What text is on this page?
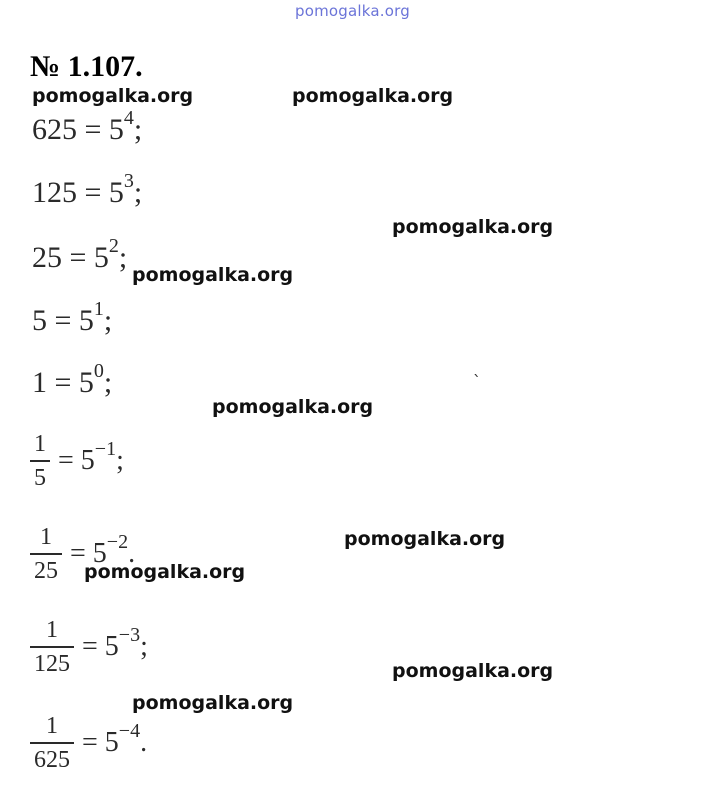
pomogalka.org
№ 1.107.
pomogalka.org	pomogalka.org
pomogalka.org
pomogalka.org
pomogalka.org
pomogalka.org
pomogalka.org
pomogalka.org
pomogalka.org
$625 = 5^4$;
$125 = 5^3$;
$25 = 5^2$;
$5 = 5^1$;
$1 = 5^0$;	`
$\frac{1}{5} = 5^{-1}$;
$\frac{1}{25} = 5^{-2}$.
$\frac{1}{125} = 5^{-3}$;
$\frac{1}{625} = 5^{-4}$.
